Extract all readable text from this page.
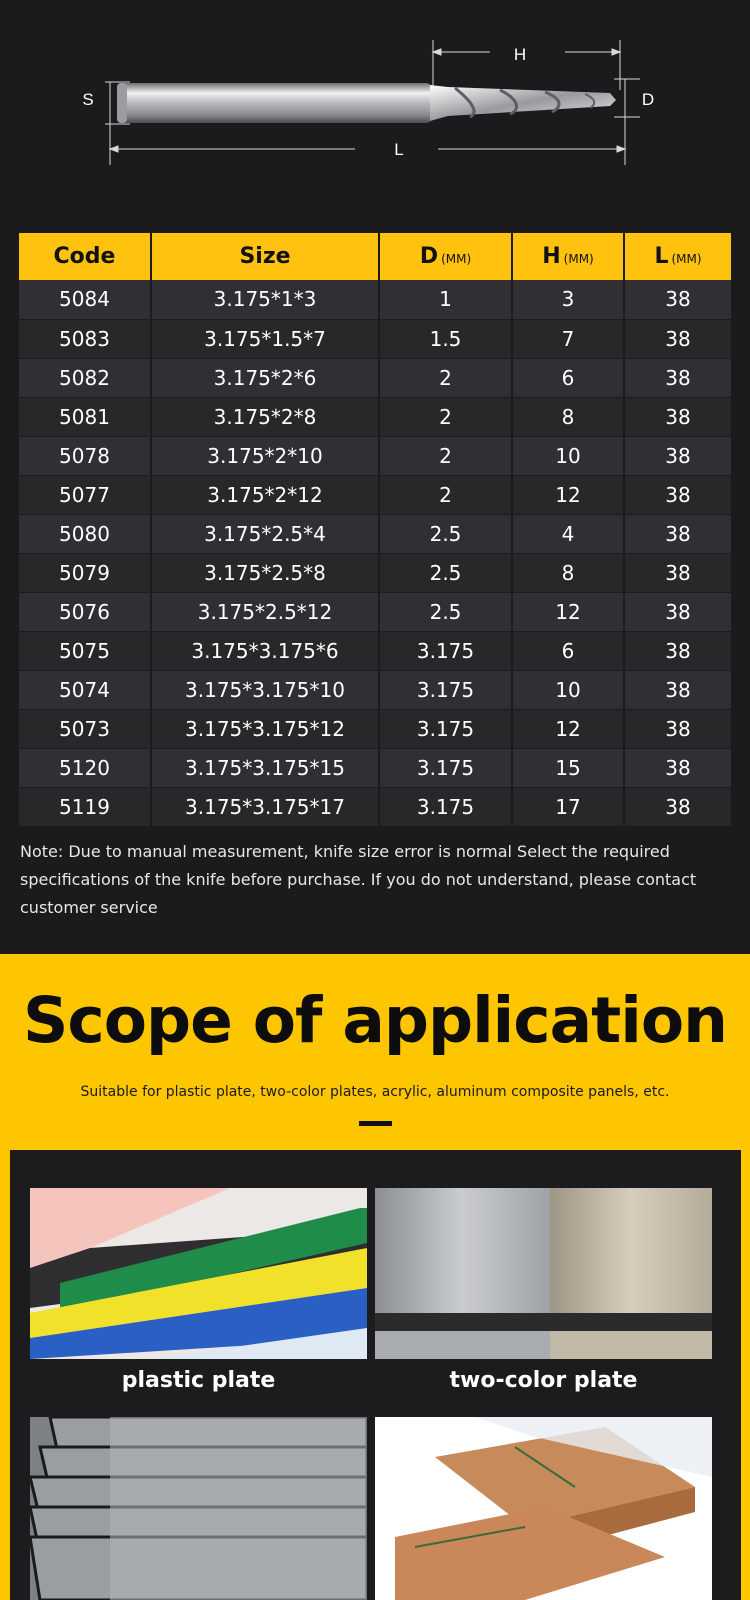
H
S	D
L
Code	Size	D (MM)	H (MM)	L (MM)
5084	3.175*1*3	1	3	38
5083	3.175*1.5*7	1.5	7	38
5082	3.175*2*6	2	6	38
5081	3.175*2*8	2	8	38
5078	3.175*2*10	2	10	38
5077	3.175*2*12	2	12	38
5080	3.175*2.5*4	2.5	4	38
5079	3.175*2.5*8	2.5	8	38
5076	3.175*2.5*12	2.5	12	38
5075	3.175*3.175*6	3.175	6	38
5074	3.175*3.175*10	3.175	10	38
5073	3.175*3.175*12	3.175	12	38
5120	3.175*3.175*15	3.175	15	38
5119	3.175*3.175*17	3.175	17	38

Note: Due to manual measurement, knife size error is normal Select the required specifications of the knife before purchase. If you do not understand, please contact customer service

Scope of application

Suitable for plastic plate, two-color plates, acrylic, aluminum composite panels, etc.

plastic plate	two-color plate
